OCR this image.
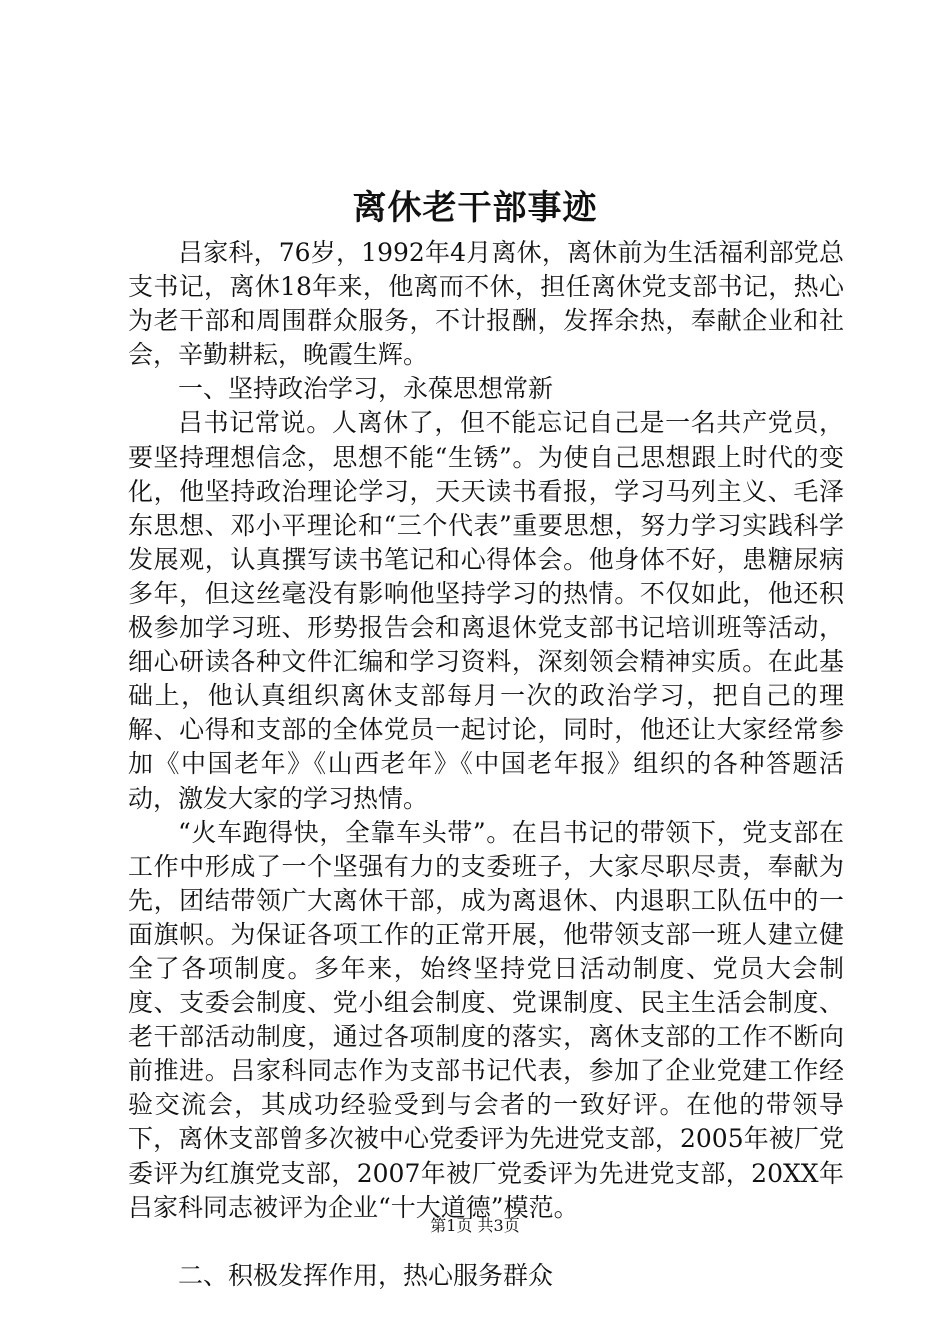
离休老干部事迹

吕家科，76岁，1992年4月离休，离休前为生活福利部党总支书记，离休18年来，他离而不休，担任离休党支部书记，热心为老干部和周围群众服务，不计报酬，发挥余热，奉献企业和社会，辛勤耕耘，晚霞生辉。

一、坚持政治学习，永葆思想常新

吕书记常说。人离休了，但不能忘记自己是一名共产党员，要坚持理想信念，思想不能“生锈”。为使自己思想跟上时代的变化，他坚持政治理论学习，天天读书看报，学习马列主义、毛泽东思想、邓小平理论和“三个代表”重要思想，努力学习实践科学发展观，认真撰写读书笔记和心得体会。他身体不好，患糖尿病多年，但这丝毫没有影响他坚持学习的热情。不仅如此，他还积极参加学习班、形势报告会和离退休党支部书记培训班等活动，细心研读各种文件汇编和学习资料，深刻领会精神实质。在此基础上，他认真组织离休支部每月一次的政治学习，把自己的理解、心得和支部的全体党员一起讨论，同时，他还让大家经常参加《中国老年》《山西老年》《中国老年报》组织的各种答题活动，激发大家的学习热情。

“火车跑得快，全靠车头带”。在吕书记的带领下，党支部在工作中形成了一个坚强有力的支委班子，大家尽职尽责，奉献为先，团结带领广大离休干部，成为离退休、内退职工队伍中的一面旗帜。为保证各项工作的正常开展，他带领支部一班人建立健全了各项制度。多年来，始终坚持党日活动制度、党员大会制度、支委会制度、党小组会制度、党课制度、民主生活会制度、老干部活动制度，通过各项制度的落实，离休支部的工作不断向前推进。吕家科同志作为支部书记代表，参加了企业党建工作经验交流会，其成功经验受到与会者的一致好评。在他的带领导下，离休支部曾多次被中心党委评为先进党支部，2005年被厂党委评为红旗党支部，2007年被厂党委评为先进党支部，20XX年吕家科同志被评为企业“十大道德”模范。

二、积极发挥作用，热心服务群众

第1页 共3页
